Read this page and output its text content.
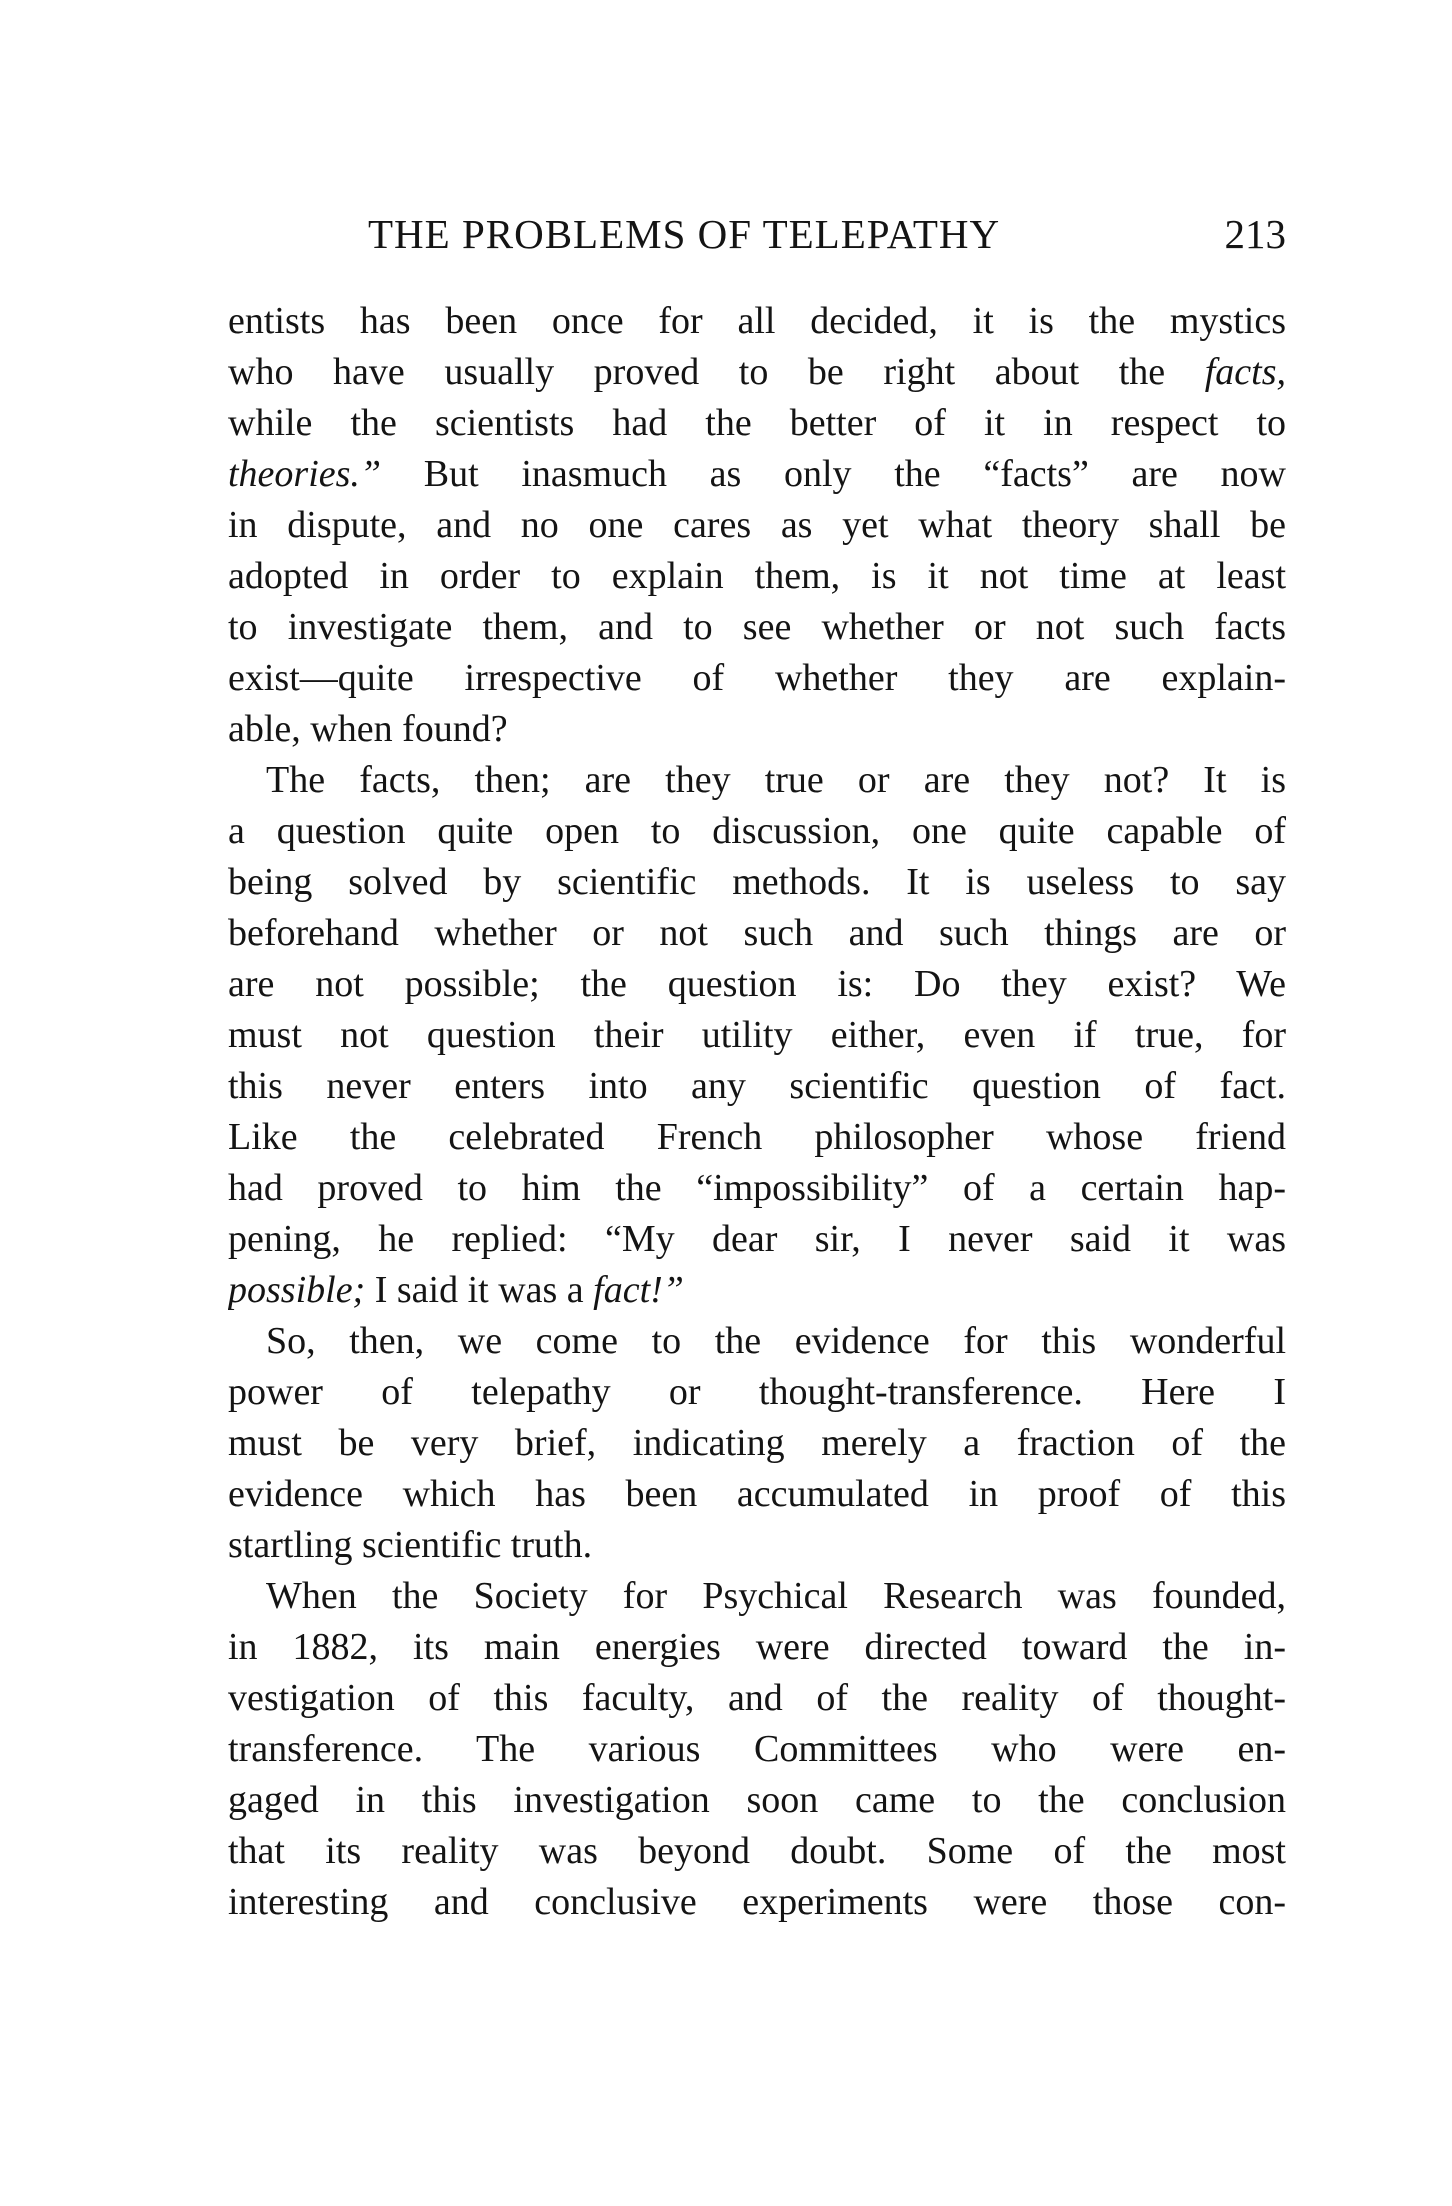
THE PROBLEMS OF TELEPATHY	213
entists has been once for all decided, it is the mystics
who have usually proved to be right about the facts,
while the scientists had the better of it in respect to
theories.” But inasmuch as only the “facts” are now
in dispute, and no one cares as yet what theory shall be
adopted in order to explain them, is it not time at least
to investigate them, and to see whether or not such facts
exist—quite irrespective of whether they are explain-
able, when found?
The facts, then; are they true or are they not? It is
a question quite open to discussion, one quite capable of
being solved by scientific methods. It is useless to say
beforehand whether or not such and such things are or
are not possible; the question is: Do they exist? We
must not question their utility either, even if true, for
this never enters into any scientific question of fact.
Like the celebrated French philosopher whose friend
had proved to him the “impossibility” of a certain hap-
pening, he replied: “My dear sir, I never said it was
possible; I said it was a fact!”
So, then, we come to the evidence for this wonderful
power of telepathy or thought-transference. Here I
must be very brief, indicating merely a fraction of the
evidence which has been accumulated in proof of this
startling scientific truth.
When the Society for Psychical Research was founded,
in 1882, its main energies were directed toward the in-
vestigation of this faculty, and of the reality of thought-
transference. The various Committees who were en-
gaged in this investigation soon came to the conclusion
that its reality was beyond doubt. Some of the most
interesting and conclusive experiments were those con-
